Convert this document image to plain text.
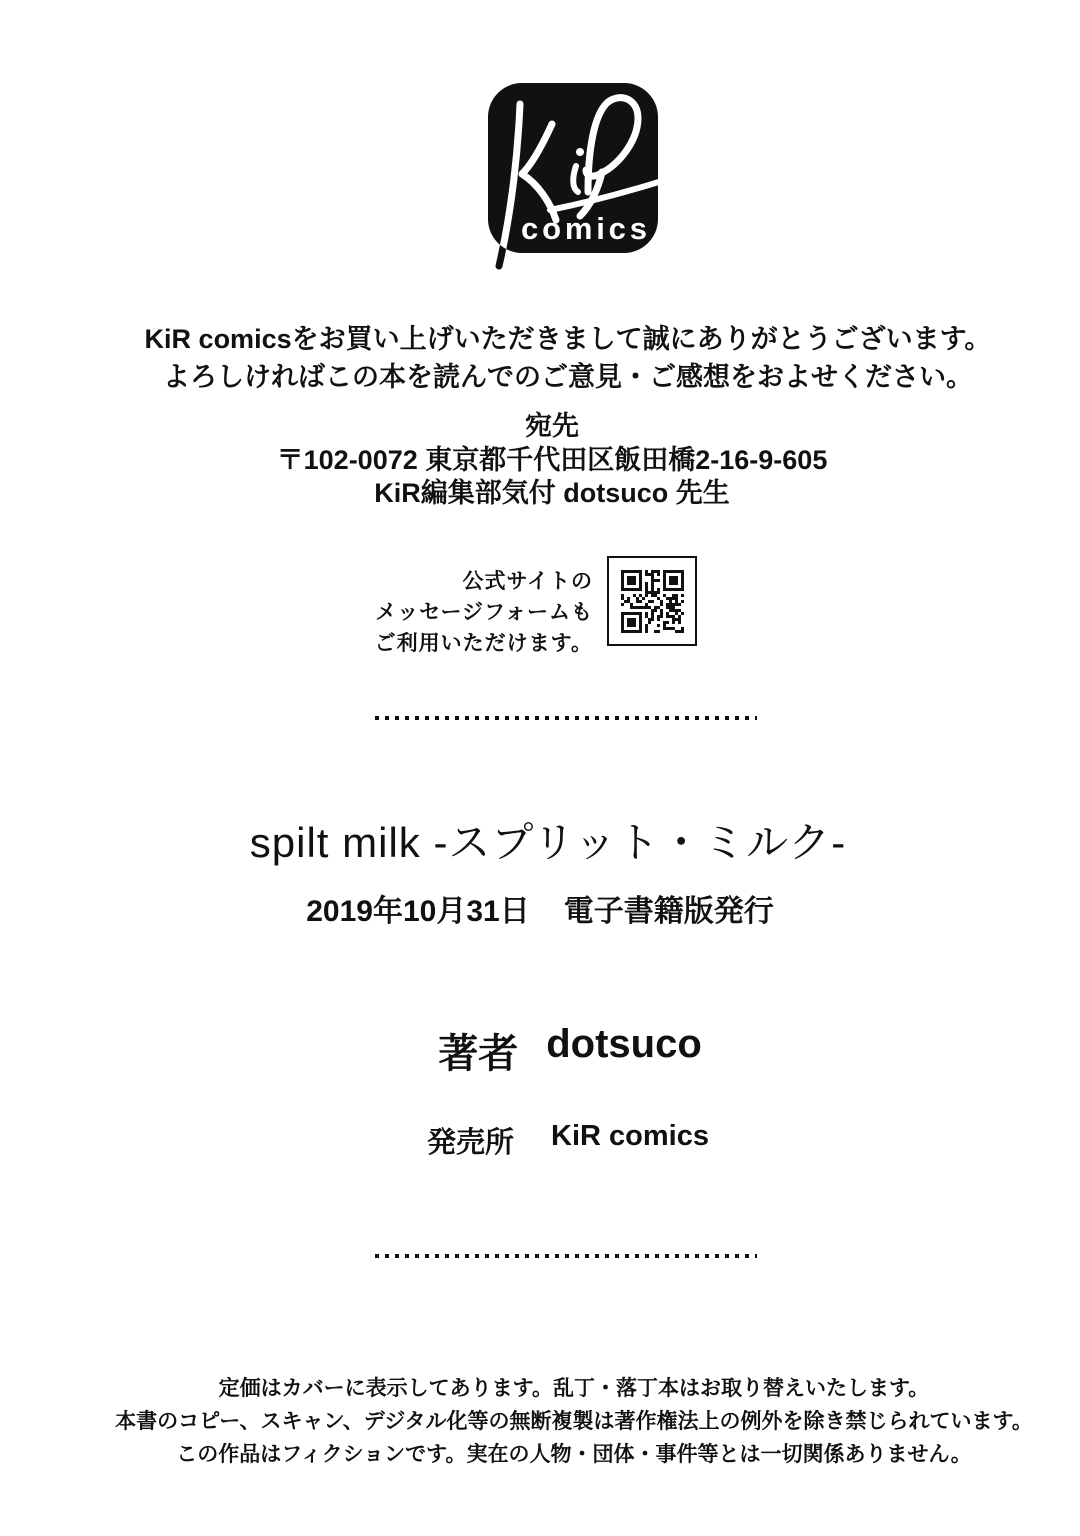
comics
KiR comicsをお買い上げいただきまして誠にありがとうございます。
よろしければこの本を読んでのご意見・ご感想をおよせください。
宛先
〒102-0072 東京都千代田区飯田橋2-16-9-605
KiR編集部気付 dotsuco 先生
公式サイトの
メッセージフォームも
ご利用いただけます。
spilt milk -スプリット・ミルク-
2019年10月31日 電子書籍版発行
著者 dotsuco
発売所 KiR comics
定価はカバーに表示してあります。乱丁・落丁本はお取り替えいたします。
本書のコピー、スキャン、デジタル化等の無断複製は著作権法上の例外を除き禁じられています。
この作品はフィクションです。実在の人物・団体・事件等とは一切関係ありません。
